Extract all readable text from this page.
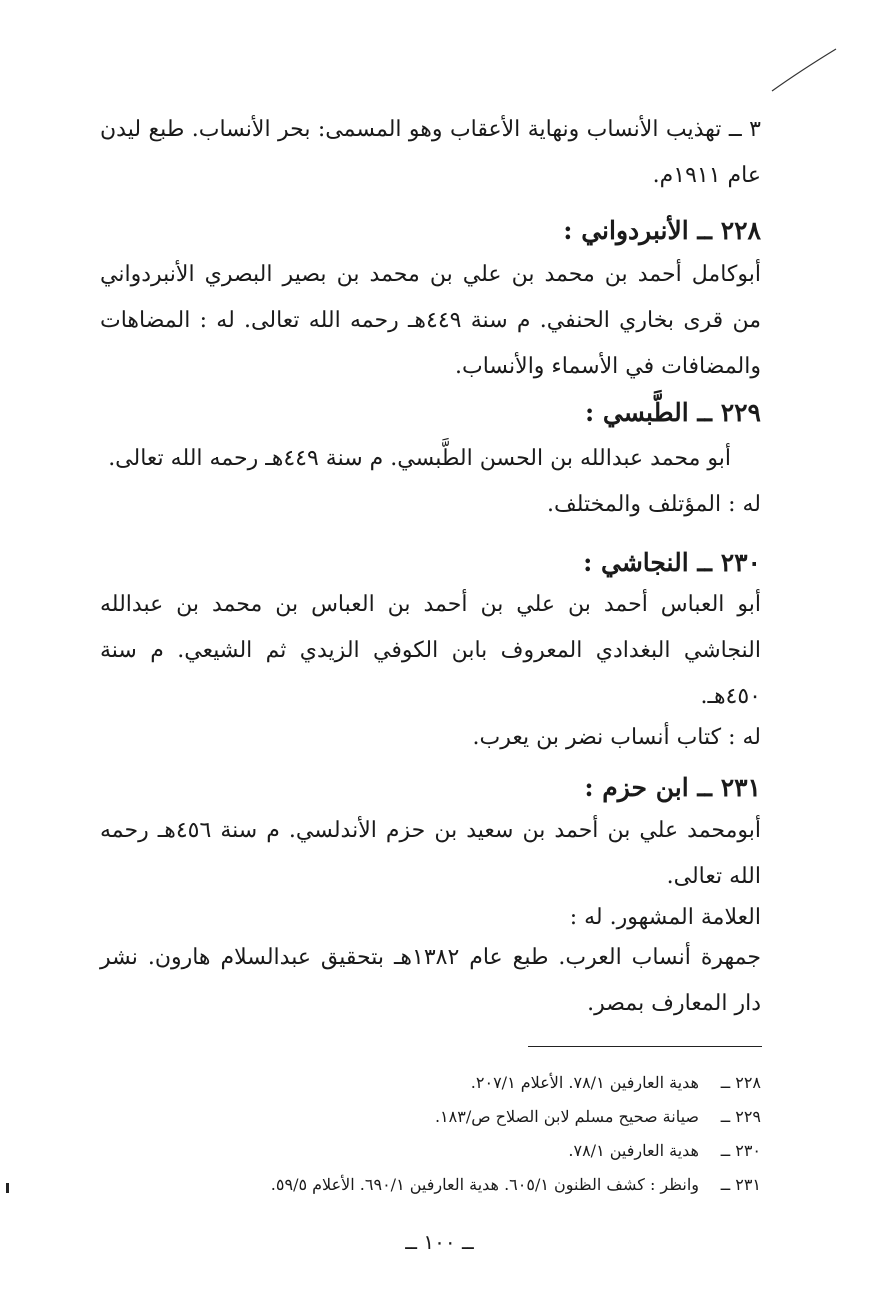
٣ ــ تهذيب الأنساب ونهاية الأعقاب وهو المسمى: بحر الأنساب. طبع ليدن عام ١٩١١م.

٢٢٨ ــ الأنبردواني :

أبوكامل أحمد بن محمد بن علي بن محمد بن بصير البصري الأنبردواني من قرى بخاري الحنفي. م سنة ٤٤٩هـ رحمه الله تعالى. له : المضاهات والمضافات في الأسماء والأنساب.

٢٢٩ ــ الطَّبسي :

أبو محمد عبدالله بن الحسن الطَّبسي. م سنة ٤٤٩هـ رحمه الله تعالى.

له : المؤتلف والمختلف.

٢٣٠ ــ النجاشي :

أبو العباس أحمد بن علي بن أحمد بن العباس بن محمد بن عبدالله النجاشي البغدادي المعروف بابن الكوفي الزيدي ثم الشيعي. م سنة ٤٥٠هـ.

له : كتاب أنساب نضر بن يعرب.

٢٣١ ــ ابن حزم :

أبومحمد علي بن أحمد بن سعيد بن حزم الأندلسي. م سنة ٤٥٦هـ رحمه الله تعالى.

العلامة المشهور. له :

جمهرة أنساب العرب. طبع عام ١٣٨٢هـ بتحقيق عبدالسلام هارون. نشر دار المعارف بمصر.

٢٢٨ ــ
هدية العارفين ٧٨/١. الأعلام ٢٠٧/١.
٢٢٩ ــ
صيانة صحيح مسلم لابن الصلاح ص/١٨٣.
٢٣٠ ــ
هدية العارفين ٧٨/١.
٢٣١ ــ
وانظر : كشف الظنون ٦٠٥/١. هدية العارفين ٦٩٠/١. الأعلام ٥٩/٥.
ــ ١٠٠ ــ
